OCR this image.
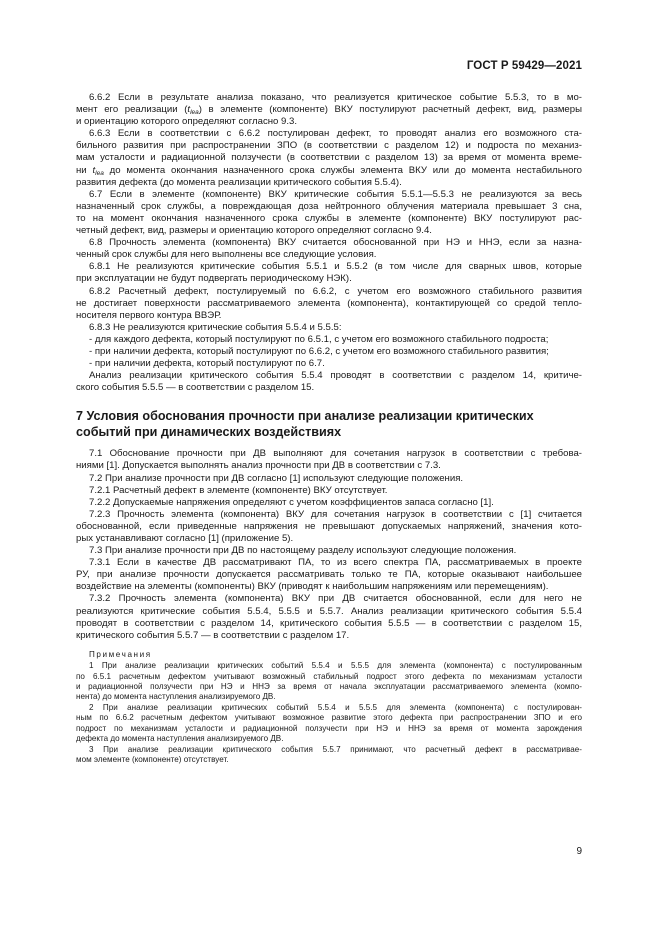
ГОСТ Р 59429—2021
6.6.2 Если в результате анализа показано, что реализуется критическое событие 5.5.3, то в мо-
мент его реализации $(t_{lea})$ в элементе (компоненте) ВКУ постулируют расчетный дефект, вид, размеры
и ориентацию которого определяют согласно 9.3.
6.6.3 Если в соответствии с 6.6.2 постулирован дефект, то проводят анализ его возможного ста-
бильного развития при распространении ЗПО (в соответствии с разделом 12) и подроста по механиз-
мам усталости и радиационной ползучести (в соответствии с разделом 13) за время от момента време-
ни $t_{lea}$ до момента окончания назначенного срока службы элемента ВКУ или до момента нестабильного
развития дефекта (до момента реализации критического события 5.5.4).
6.7 Если в элементе (компоненте) ВКУ критические события 5.5.1—5.5.3 не реализуются за весь
назначенный срок службы, а повреждающая доза нейтронного облучения материала превышает 3 сна,
то на момент окончания назначенного срока службы в элементе (компоненте) ВКУ постулируют рас-
четный дефект, вид, размеры и ориентацию которого определяют согласно 9.4.
6.8 Прочность элемента (компонента) ВКУ считается обоснованной при НЭ и ННЭ, если за назна-
ченный срок службы для него выполнены все следующие условия.
6.8.1 Не реализуются критические события 5.5.1 и 5.5.2 (в том числе для сварных швов, которые
при эксплуатации не будут подвергать периодическому НЭК).
6.8.2 Расчетный дефект, постулируемый по 6.6.2, с учетом его возможного стабильного развития
не достигает поверхности рассматриваемого элемента (компонента), контактирующей со средой тепло-
носителя первого контура ВВЭР.
6.8.3 Не реализуются критические события 5.5.4 и 5.5.5:
- для каждого дефекта, который постулируют по 6.5.1, с учетом его возможного стабильного подроста;
- при наличии дефекта, который постулируют по 6.6.2, с учетом его возможного стабильного развития;
- при наличии дефекта, который постулируют по 6.7.
Анализ реализации критического события 5.5.4 проводят в соответствии с разделом 14, критиче-
ского события 5.5.5 — в соответствии с разделом 15.
7 Условия обоснования прочности при анализе реализации критических
событий при динамических воздействиях
7.1 Обоснование прочности при ДВ выполняют для сочетания нагрузок в соответствии с требова-
ниями [1]. Допускается выполнять анализ прочности при ДВ в соответствии с 7.3.
7.2 При анализе прочности при ДВ согласно [1] используют следующие положения.
7.2.1 Расчетный дефект в элементе (компоненте) ВКУ отсутствует.
7.2.2 Допускаемые напряжения определяют с учетом коэффициентов запаса согласно [1].
7.2.3 Прочность элемента (компонента) ВКУ для сочетания нагрузок в соответствии с [1] считается
обоснованной, если приведенные напряжения не превышают допускаемых напряжений, значения кото-
рых устанавливают согласно [1] (приложение 5).
7.3 При анализе прочности при ДВ по настоящему разделу используют следующие положения.
7.3.1 Если в качестве ДВ рассматривают ПА, то из всего спектра ПА, рассматриваемых в проекте
РУ, при анализе прочности допускается рассматривать только те ПА, которые оказывают наибольшее
воздействие на элементы (компоненты) ВКУ (приводят к наибольшим напряжениям или перемещениям).
7.3.2 Прочность элемента (компонента) ВКУ при ДВ считается обоснованной, если для него не
реализуются критические события 5.5.4, 5.5.5 и 5.5.7. Анализ реализации критического события 5.5.4
проводят в соответствии с разделом 14, критического события 5.5.5 — в соответствии с разделом 15,
критического события 5.5.7 — в соответствии с разделом 17.
Примечания
1 При анализе реализации критических событий 5.5.4 и 5.5.5 для элемента (компонента) с постулированным
по 6.5.1 расчетным дефектом учитывают возможный стабильный подрост этого дефекта по механизмам усталости
и радиационной ползучести при НЭ и ННЭ за время от начала эксплуатации рассматриваемого элемента (компо-
нента) до момента наступления анализируемого ДВ.
2 При анализе реализации критических событий 5.5.4 и 5.5.5 для элемента (компонента) с постулирован-
ным по 6.6.2 расчетным дефектом учитывают возможное развитие этого дефекта при распространении ЗПО и его
подрост по механизмам усталости и радиационной ползучести при НЭ и ННЭ за время от момента зарождения
дефекта до момента наступления анализируемого ДВ.
3 При анализе реализации критического события 5.5.7 принимают, что расчетный дефект в рассматривае-
мом элементе (компоненте) отсутствует.
9
